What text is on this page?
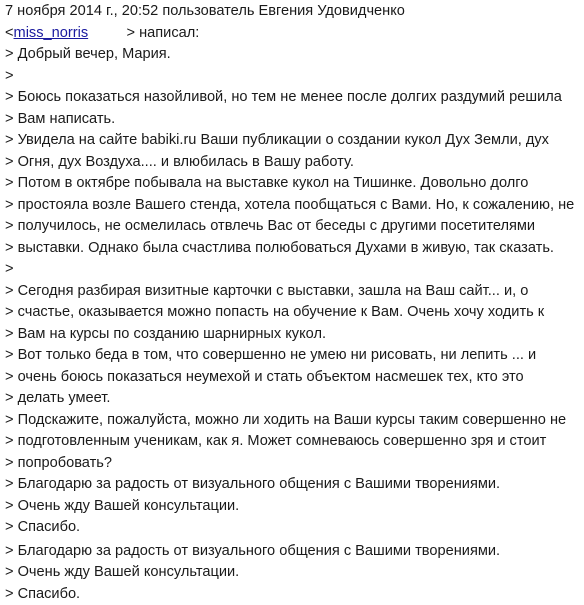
7 ноября 2014 г., 20:52 пользователь Евгения Удовидченко
<miss_norris	> написал:
> Добрый вечер, Мария.
>
> Боюсь показаться назойливой, но тем не менее после долгих раздумий решила
> Вам написать.
> Увидела на сайте babiki.ru Ваши публикации о создании кукол Дух Земли, дух
> Огня, дух Воздуха.... и влюбилась в Вашу работу.
> Потом в октябре побывала на выставке кукол на Тишинке. Довольно долго
> простояла возле Вашего стенда, хотела пообщаться с Вами. Но, к сожалению, не
> получилось, не осмелилась отвлечь Вас от беседы с другими посетителями
> выставки. Однако была счастлива полюбоваться Духами в живую, так сказать.
>
> Сегодня разбирая визитные карточки с выставки, зашла на Ваш сайт... и, о
> счастье, оказывается можно попасть на обучение к Вам. Очень хочу ходить к
> Вам на курсы по созданию шарнирных кукол.
> Вот только беда в том, что совершенно не умею ни рисовать, ни лепить ... и
> очень боюсь показаться неумехой и стать объектом насмешек тех, кто это
> делать умеет.
> Подскажите, пожалуйста, можно ли ходить на Ваши курсы таким совершенно не
> подготовленным ученикам, как я. Может сомневаюсь совершенно зря и стоит
> попробовать?
> Благодарю за радость от визуального общения с Вашими творениями.
> Очень жду Вашей консультации.
> Спасибо.
> Благодарю за радость от визуального общения с Вашими творениями.
> Очень жду Вашей консультации.
> Спасибо.
